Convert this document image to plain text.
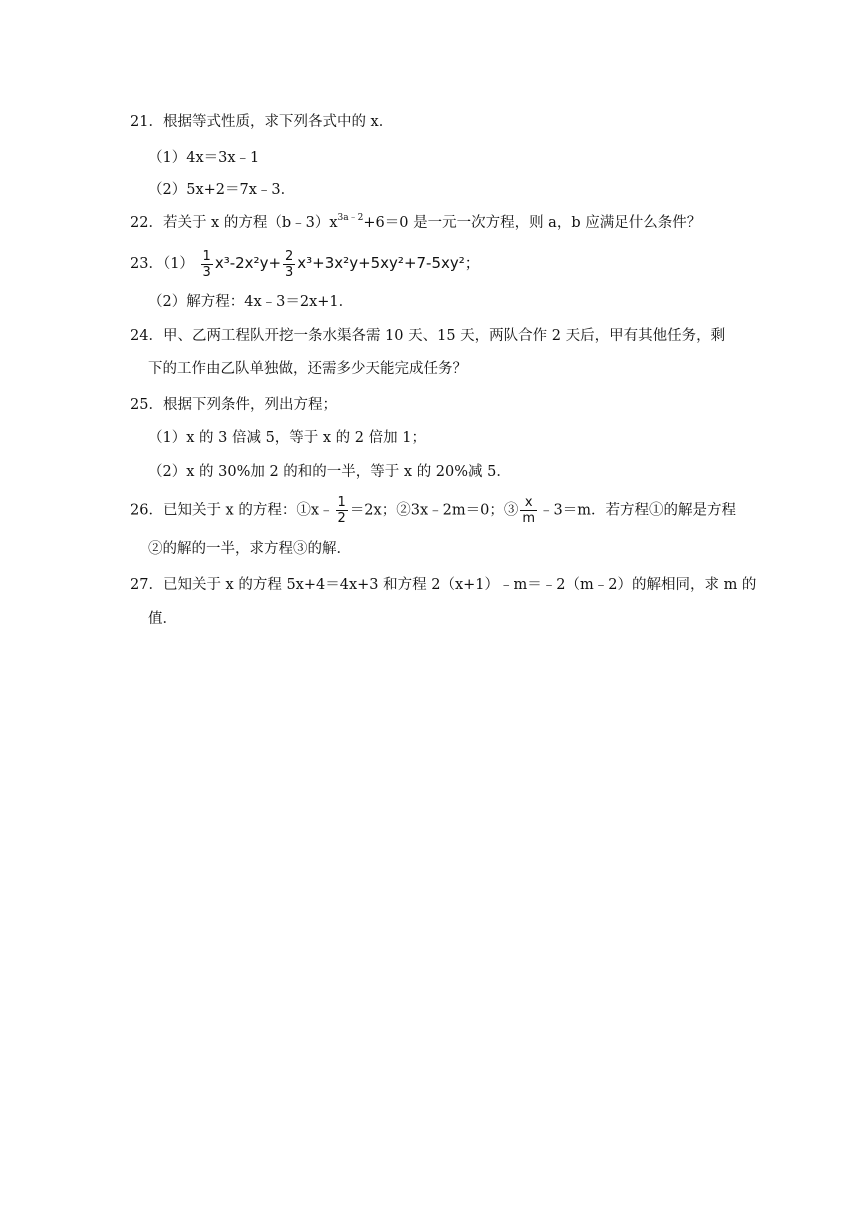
21．根据等式性质，求下列各式中的 x．
（1）4x＝3x﹣1
（2）5x+2＝7x﹣3．
22．若关于 x 的方程$(b﹣3)x^{3a﹣2}+6=0$ 是一元一次方程，则 a，b 应满足什么条件？
23．$(1) \frac{1}{3} x^3-2x^2y+ \frac{2}{3} x^3+3x^2y+5xy^2+7-5xy^2$；
（2）解方程：4x﹣3＝2x+1．
24．甲、乙两工程队开挖一条水渠各需 10 天、15 天，两队合作 2 天后，甲有其他任务，剩
下的工作由乙队单独做，还需多少天能完成任务？
25．根据下列条件，列出方程；
（1）x 的 3 倍减 5，等于 x 的 2 倍加 1；
（2）x 的 30%加 2 的和的一半，等于 x 的 20%减 5．
26．已知关于 x 的方程：①x﹣ $\frac{1}{2} =2x$；②3x﹣2m＝0；③ $\frac{x}{m}$ ﹣3＝m．若方程①的解是方程
②的解的一半，求方程③的解．
27．已知关于 x 的方程 5x+4＝4x+3 和方程 2（x+1）﹣m＝﹣2（m﹣2）的解相同，求 m 的
值．
